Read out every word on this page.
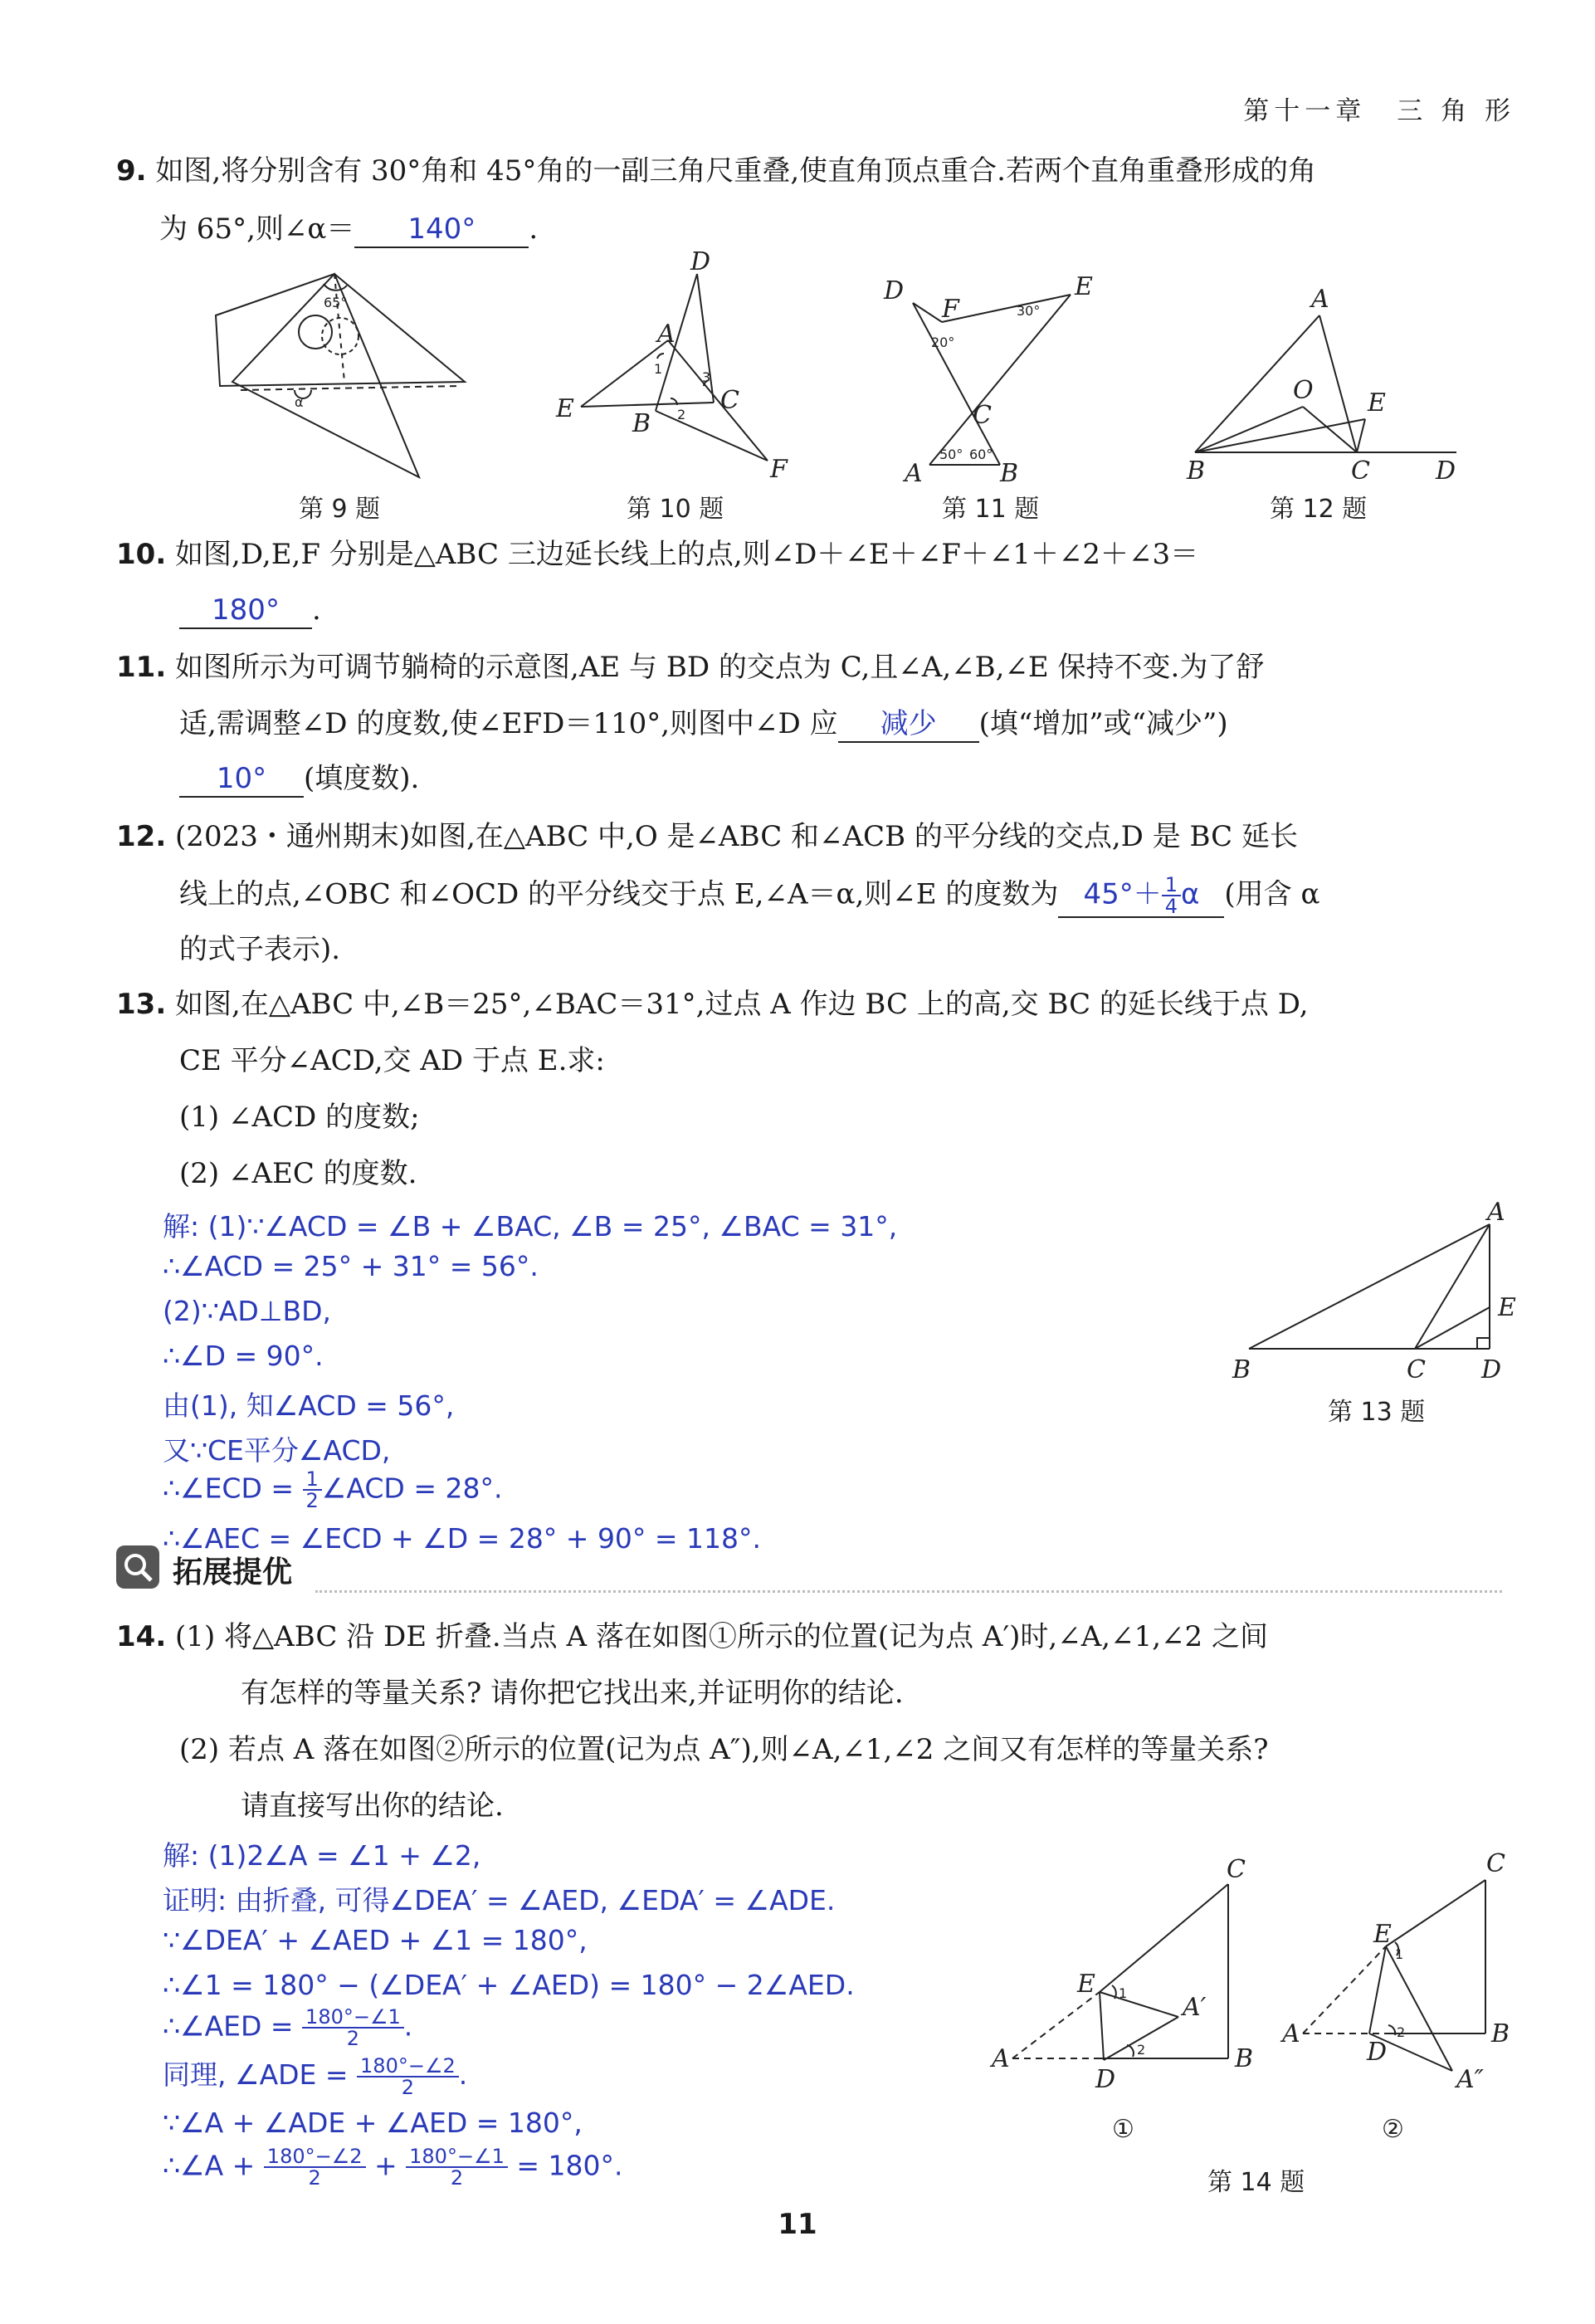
第十一章　三 角 形
9. 如图,将分别含有 30°角和 45°角的一副三角尺重叠,使直角顶点重合.若两个直角重叠形成的角
为 65°,则∠α＝ 140° .
65°
α
第 9 题
D
A
E
B
C
F
1
2
3
第 10 题
D
F
E
C
A	B
20°
30°
50° 60°
第 11 题
A
O E
B	C	D
第 12 题
10. 如图,D,E,F 分别是△ABC 三边延长线上的点,则∠D＋∠E＋∠F＋∠1＋∠2＋∠3＝
180° .
11. 如图所示为可调节躺椅的示意图,AE 与 BD 的交点为 C,且∠A,∠B,∠E 保持不变.为了舒
适,需调整∠D 的度数,使∠EFD＝110°,则图中∠D 应 减少 (填“增加”或“减少”)
10° (填度数).
12. (2023・通州期末)如图,在△ABC 中,O 是∠ABC 和∠ACB 的平分线的交点,D 是 BC 延长
线上的点,∠OBC 和∠OCD 的平分线交于点 E,∠A＝α,则∠E 的度数为 $45^\circ+ \frac{1}{4}$ α (用含 α
的式子表示).
13. 如图,在△ABC 中,∠B＝25°,∠BAC＝31°,过点 A 作边 BC 上的高,交 BC 的延长线于点 D,
CE 平分∠ACD,交 AD 于点 E.求:
(1) ∠ACD 的度数;
(2) ∠AEC 的度数.
解: (1)∵∠ACD = ∠B + ∠BAC, ∠B = 25°, ∠BAC = 31°,
∴∠ACD = 25° + 31° = 56°.
(2)∵AD⊥BD,
∴∠D = 90°.
由(1), 知∠ACD = 56°,
又∵CE平分∠ACD,
∴∠ECD = $\frac{1}{2}$ ∠ACD = 28°.
∴∠AEC = ∠ECD + ∠D = 28° + 90° = 118°.
A
E
B	C D
第 13 题
拓展提优
14. (1) 将△ABC 沿 DE 折叠.当点 A 落在如图①所示的位置(记为点 A′)时,∠A,∠1,∠2 之间
有怎样的等量关系? 请你把它找出来,并证明你的结论.
(2) 若点 A 落在如图②所示的位置(记为点 A″),则∠A,∠1,∠2 之间又有怎样的等量关系?
请直接写出你的结论.
解: (1)2∠A = ∠1 + ∠2,
证明: 由折叠, 可得∠DEA′ = ∠AED, ∠EDA′ = ∠ADE.
∵∠DEA′ + ∠AED + ∠1 = 180°,
∴∠1 = 180° − (∠DEA′ + ∠AED) = 180° − 2∠AED.
∴∠AED = $\frac{180^\circ-\angle 1}{2}$ .
同理, ∠ADE = $\frac{180^\circ-\angle 2}{2}$ .
∵∠A + ∠ADE + ∠AED = 180°,
∴∠A + $\frac{180^\circ-\angle 2}{2} + \frac{180^\circ-\angle 1}{2} = 180^\circ$.
C
E
A′
A
D
B
1
2
①
C
E
A
D
B
A″
1
2
②
第 14 题
11
